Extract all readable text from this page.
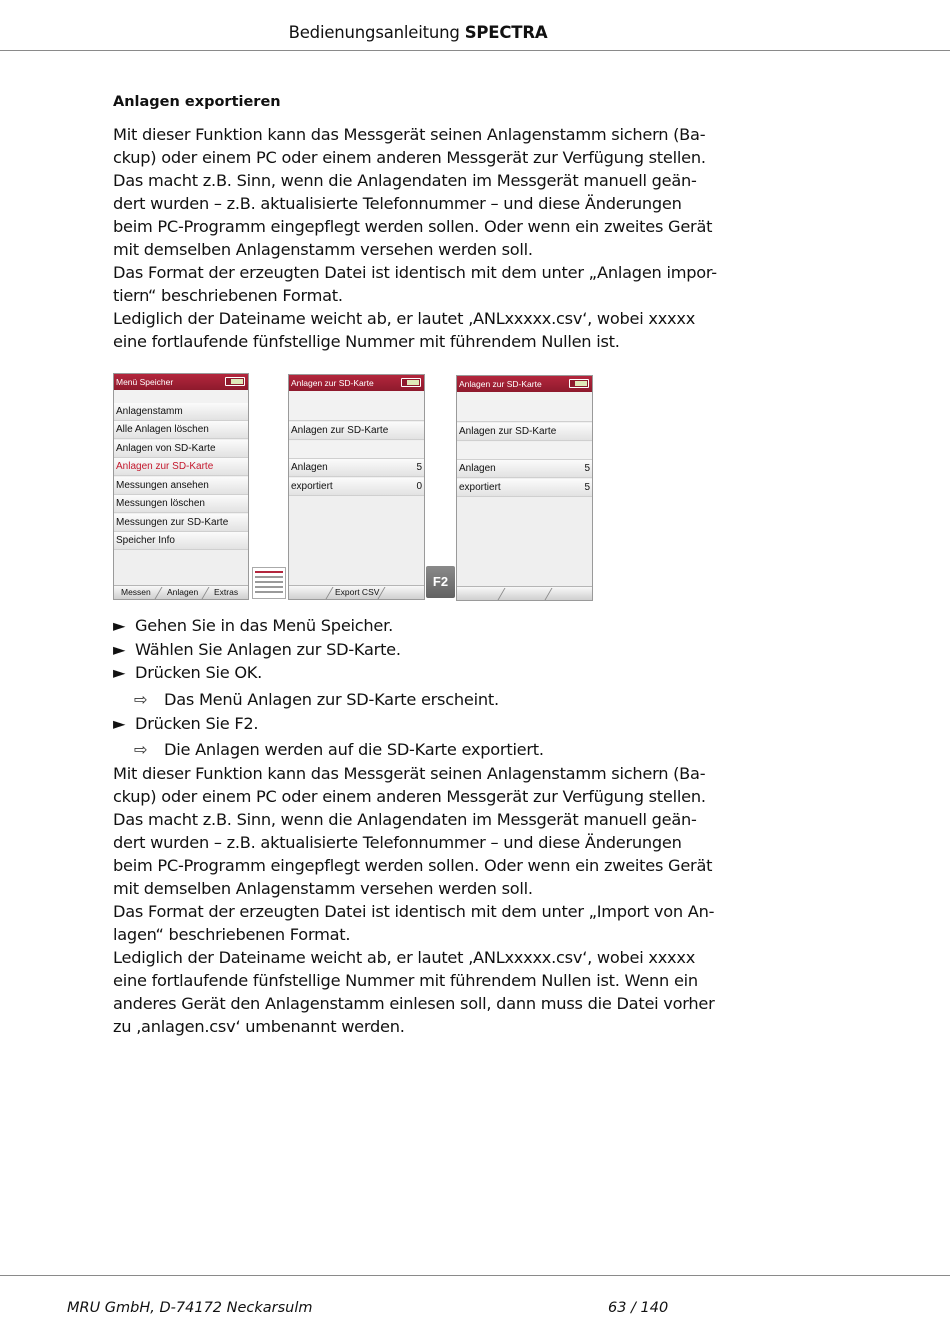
Bedienungsanleitung SPECTRA
Anlagen exportieren
Mit dieser Funktion kann das Messgerät seinen Anlagenstamm sichern (Ba-
ckup) oder einem PC oder einem anderen Messgerät zur Verfügung stellen.
Das macht z.B. Sinn, wenn die Anlagendaten im Messgerät manuell geän-
dert wurden – z.B. aktualisierte Telefonnummer – und diese Änderungen
beim PC-Programm eingepflegt werden sollen. Oder wenn ein zweites Gerät
mit demselben Anlagenstamm versehen werden soll.
Das Format der erzeugten Datei ist identisch mit dem unter „Anlagen impor-
tiern“ beschriebenen Format.
Lediglich der Dateiname weicht ab, er lautet ‚ANLxxxxx.csv‘, wobei xxxxx
eine fortlaufende fünfstellige Nummer mit führendem Nullen ist.
Menü Speicher
Anlagenstamm
Alle Anlagen löschen
Anlagen von SD-Karte
Anlagen zur SD-Karte
Messungen ansehen
Messungen löschen
Messungen zur SD-Karte
Speicher Info
Messen Anlagen Extras
Anlagen zur SD-Karte
Anlagen zur SD-Karte
Anlagen	5
exportiert	0
Export CSV
F2
Anlagen zur SD-Karte
Anlagen zur SD-Karte
Anlagen	5
exportiert	5
► Gehen Sie in das Menü Speicher.
► Wählen Sie Anlagen zur SD-Karte.
► Drücken Sie OK.
⇨ Das Menü Anlagen zur SD-Karte erscheint.
► Drücken Sie F2.
⇨ Die Anlagen werden auf die SD-Karte exportiert.
Mit dieser Funktion kann das Messgerät seinen Anlagenstamm sichern (Ba-
ckup) oder einem PC oder einem anderen Messgerät zur Verfügung stellen.
Das macht z.B. Sinn, wenn die Anlagendaten im Messgerät manuell geän-
dert wurden – z.B. aktualisierte Telefonnummer – und diese Änderungen
beim PC-Programm eingepflegt werden sollen. Oder wenn ein zweites Gerät
mit demselben Anlagenstamm versehen werden soll.
Das Format der erzeugten Datei ist identisch mit dem unter „Import von An-
lagen“ beschriebenen Format.
Lediglich der Dateiname weicht ab, er lautet ‚ANLxxxxx.csv‘, wobei xxxxx
eine fortlaufende fünfstellige Nummer mit führendem Nullen ist. Wenn ein
anderes Gerät den Anlagenstamm einlesen soll, dann muss die Datei vorher
zu ‚anlagen.csv‘ umbenannt werden.
MRU GmbH, D-74172 Neckarsulm	63 / 140
